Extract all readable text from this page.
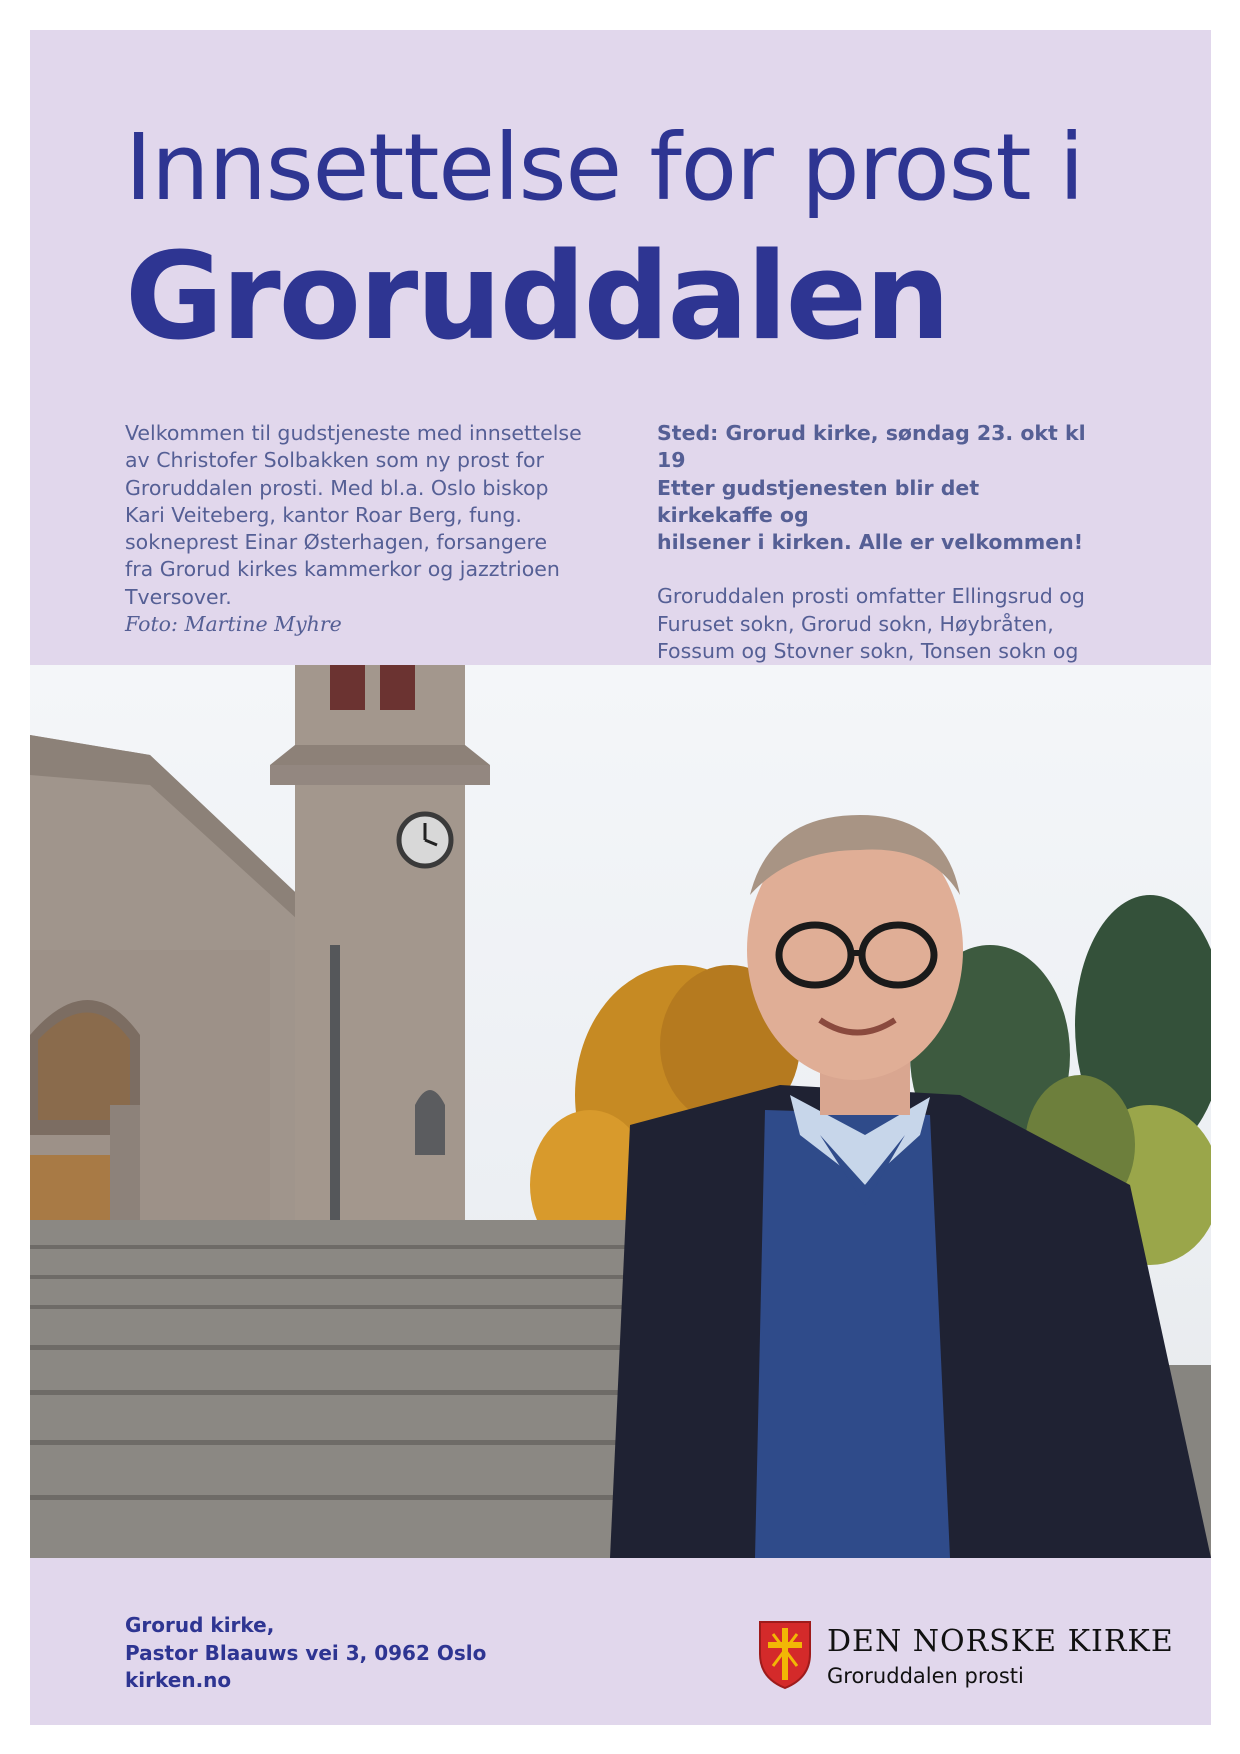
Innsettelse for prost i
Groruddalen
Velkommen til gudstjeneste med innsettelse
av Christofer Solbakken som ny prost for
Groruddalen prosti. Med bl.a. Oslo biskop
Kari Veiteberg, kantor Roar Berg, fung.
sokneprest Einar Østerhagen, forsangere
fra Grorud kirkes kammerkor og jazztrioen
Tversover.
Foto: Martine Myhre
Sted: Grorud kirke, søndag 23. okt kl 19
Etter gudstjenesten blir det kirkekaffe og
hilsener i kirken. Alle er velkommen!
Groruddalen prosti omfatter Ellingsrud og
Furuset sokn, Grorud sokn, Høybråten,
Fossum og Stovner sokn, Tonsen sokn og
Grorud kirke,
Pastor Blaauws vei 3, 0962 Oslo
kirken.no
DEN NORSKE KIRKE
Groruddalen prosti
